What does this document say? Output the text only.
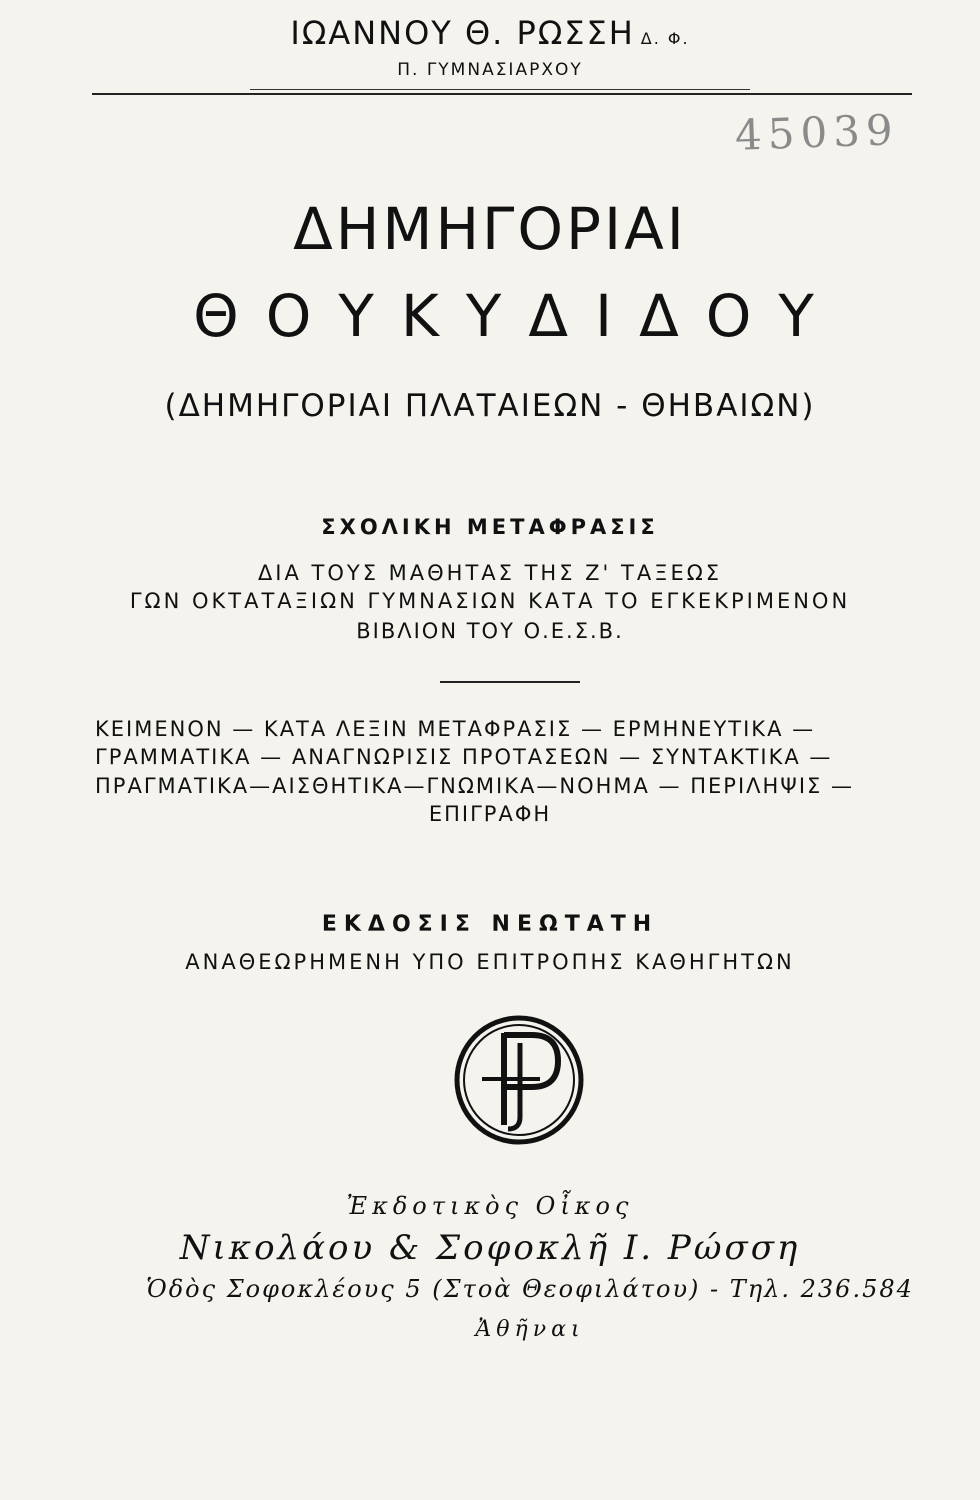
ΙΩΑΝΝΟΥ Θ. ΡΩΣΣΗ Δ. Φ.
Π. ΓΥΜΝΑΣΙΑΡΧΟΥ
45039
ΔΗΜΗΓΟΡΙΑΙ
ΘΟΥΚΥΔΙΔΟΥ
(ΔΗΜΗΓΟΡΙΑΙ ΠΛΑΤΑΙΕΩΝ - ΘΗΒΑΙΩΝ)
ΣΧΟΛΙΚΗ ΜΕΤΑΦΡΑΣΙΣ
ΔΙΑ ΤΟΥΣ ΜΑΘΗΤΑΣ ΤΗΣ Ζ' ΤΑΞΕΩΣ
ΓΩΝ ΟΚΤΑΤΑΞΙΩΝ ΓΥΜΝΑΣΙΩΝ ΚΑΤΑ ΤΟ ΕΓΚΕΚΡΙΜΕΝΟΝ
ΒΙΒΛΙΟΝ ΤΟΥ Ο.Ε.Σ.Β.
ΚΕΙΜΕΝΟΝ — ΚΑΤΑ ΛΕΞΙΝ ΜΕΤΑΦΡΑΣΙΣ — ΕΡΜΗΝΕΥΤΙΚΑ —
ΓΡΑΜΜΑΤΙΚΑ — ΑΝΑΓΝΩΡΙΣΙΣ ΠΡΟΤΑΣΕΩΝ — ΣΥΝΤΑΚΤΙΚΑ —
ΠΡΑΓΜΑΤΙΚΑ—ΑΙΣΘΗΤΙΚΑ—ΓΝΩΜΙΚΑ—ΝΟΗΜΑ — ΠΕΡΙΛΗΨΙΣ —
ΕΠΙΓΡΑΦΗ
ΕΚΔΟΣΙΣ ΝΕΩΤΑΤΗ
ΑΝΑΘΕΩΡΗΜΕΝΗ ΥΠΟ ΕΠΙΤΡΟΠΗΣ ΚΑΘΗΓΗΤΩΝ
Ἐκδοτικὸς Οἶκος
Νικολάου & Σοφοκλῆ Ι. Ρώσση
Ὁδὸς Σοφοκλέους 5 (Στοὰ Θεοφιλάτου) - Τηλ. 236.584
Ἀθῆναι
